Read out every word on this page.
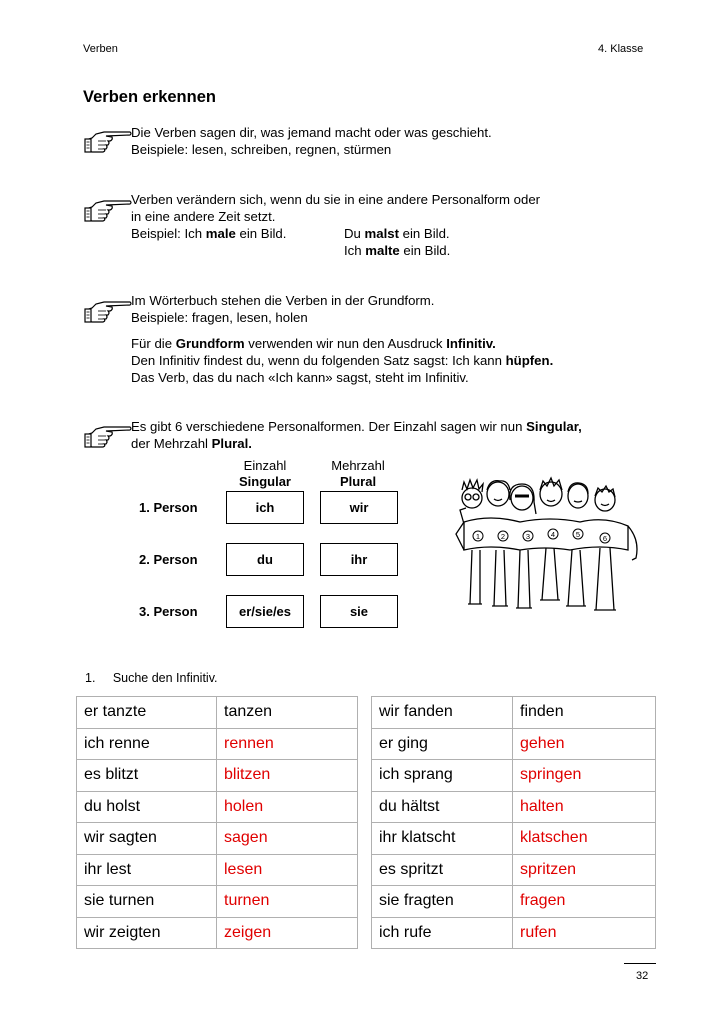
Verben	4. Klasse
Verben erkennen
Die Verben sagen dir, was jemand macht oder was geschieht.
Beispiele: lesen, schreiben, regnen, stürmen
Verben verändern sich, wenn du sie in eine andere Personalform oder
in eine andere Zeit setzt.
Beispiel: Ich male ein Bild.	Du malst ein Bild.
Ich malte ein Bild.
Im Wörterbuch stehen die Verben in der Grundform.
Beispiele: fragen, lesen, holen
Für die Grundform verwenden wir nun den Ausdruck Infinitiv.
Den Infinitiv findest du, wenn du folgenden Satz sagst: Ich kann hüpfen.
Das Verb, das du nach «Ich kann» sagst, steht im Infinitiv.
Es gibt 6 verschiedene Personalformen. Der Einzahl sagen wir nun Singular,
der Mehrzahl Plural.
Einzahl
Singular
Mehrzahl
Plural
1. Person	ich	wir
2. Person	du	ihr
3. Person	er/sie/es	sie
1	2	3	4	5	6
1. Suche den Infinitiv.
er tanzte	tanzen
ich renne	rennen
es blitzt	blitzen
du holst	holen
wir sagten	sagen
ihr lest	lesen
sie turnen	turnen
wir zeigten	zeigen
wir fanden	finden
er ging	gehen
ich sprang	springen
du hältst	halten
ihr klatscht	klatschen
es spritzt	spritzen
sie fragten	fragen
ich rufe	rufen
32
